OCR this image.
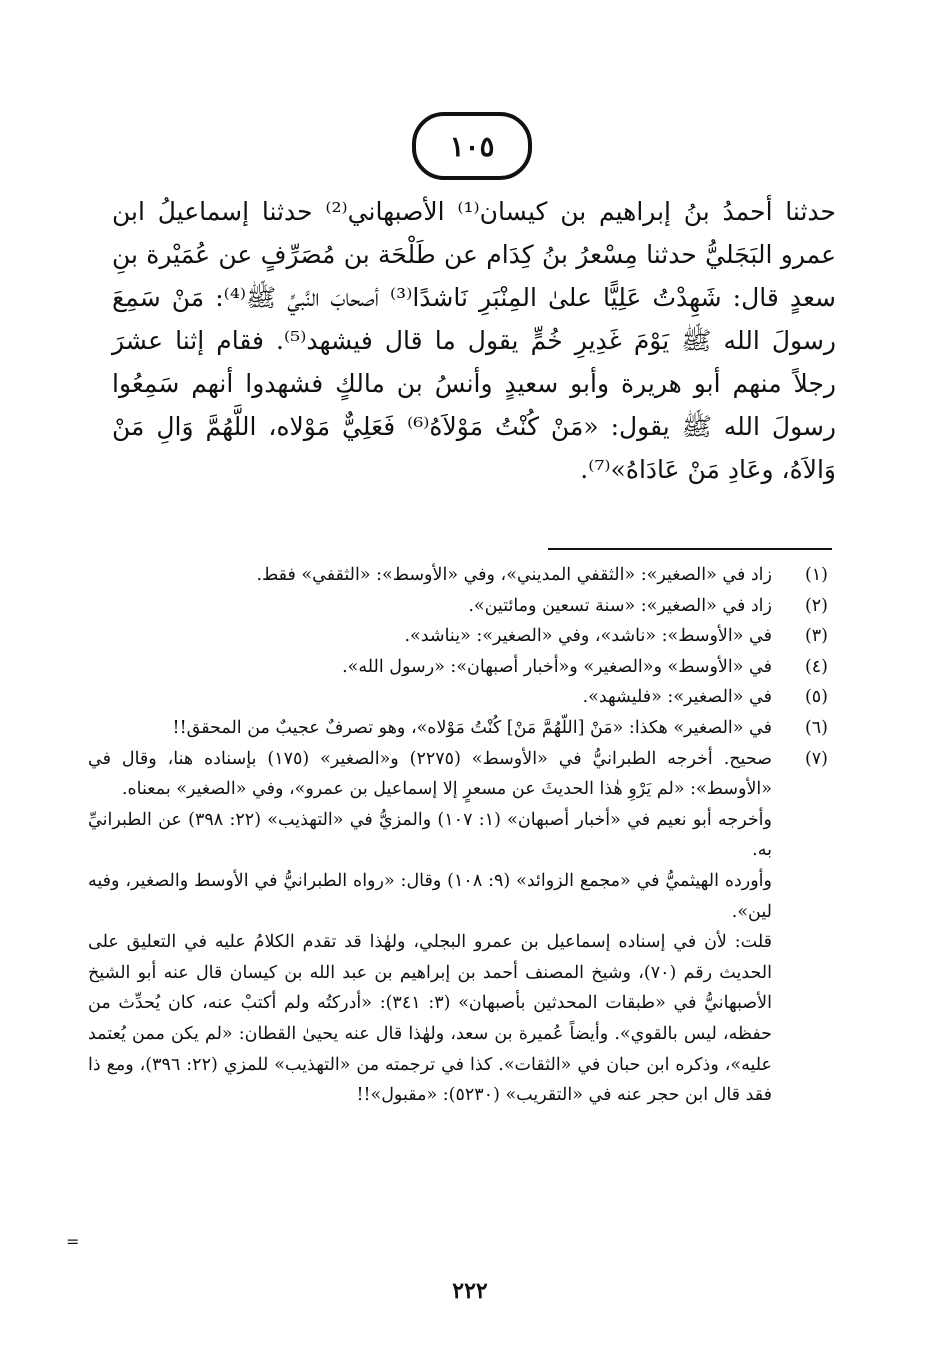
١٠٥

حدثنا أحمدُ بنُ إبراهيم بن كيسان⁽¹⁾ الأصبهاني⁽²⁾ حدثنا إسماعيلُ ابن عمرو البَجَليُّ حدثنا مِسْعرُ بنُ كِدَام عن طَلْحَة بن مُصَرِّفٍ عن عُمَيْرة بنِ سعدٍ قال: شَهِدْتُ عَلِيًّا علىٰ المِنْبَرِ نَاشدًا⁽³⁾ أصحابَ النَّبيِّ ﷺ⁽⁴⁾: مَنْ سَمِعَ رسولَ الله ﷺ يَوْمَ غَدِيرِ خُمٍّ يقول ما قال فيشهد⁽⁵⁾. فقام إثنا عشرَ رجلاً منهم أبو هريرة وأبو سعيدٍ وأنسُ بن مالكٍ فشهدوا أنهم سَمِعُوا رسولَ الله ﷺ يقول: «مَنْ كُنْتُ مَوْلاَهُ⁽⁶⁾ فَعَلِيٌّ مَوْلاه، اللَّهُمَّ وَالِ مَنْ وَالاَهُ، وعَادِ مَنْ عَادَاهُ»⁽⁷⁾.

(١)

زاد في «الصغير»: «الثقفي المديني»، وفي «الأوسط»: «الثقفي» فقط.

(٢)

زاد في «الصغير»: «سنة تسعين ومائتين».

(٣)

في «الأوسط»: «ناشد»، وفي «الصغير»: «يناشد».

(٤)

في «الأوسط» و«الصغير» و«أخبار أصبهان»: «رسول الله».

(٥)

في «الصغير»: «فليشهد».

(٦)

في «الصغير» هكذا: «مَنْ [اللّهُمَّ مَنْ] كُنْتُ مَوْلاه»، وهو تصرفٌ عجيبٌ من المحقق!!

(٧)

صحيح. أخرجه الطبرانيُّ في «الأوسط» (٢٢٧٥) و«الصغير» (١٧٥) بإسناده هنا، وقال في «الأوسط»: «لم يَرْوِ هٰذا الحديثَ عن مسعرٍ إلا إسماعيل بن عمرو»، وفي «الصغير» بمعناه.

وأخرجه أبو نعيم في «أخبار أصبهان» (١: ١٠٧) والمزيُّ في «التهذيب» (٢٢: ٣٩٨) عن الطبرانيِّ به.

وأورده الهيثميُّ في «مجمع الزوائد» (٩: ١٠٨) وقال: «رواه الطبرانيُّ في الأوسط والصغير، وفيه لين».

قلت: لأن في إسناده إسماعيل بن عمرو البجلي، ولهٰذا قد تقدم الكلامُ عليه في التعليق على الحديث رقم (٧٠)، وشيخ المصنف أحمد بن إبراهيم بن عبد الله بن كيسان قال عنه أبو الشيخ الأصبهانيُّ في «طبقات المحدثين بأصبهان» (٣: ٣٤١): «أدركتُه ولم أكتبْ عنه، كان يُحدِّث من حفظه، ليس بالقوي». وأيضاً عُميرة بن سعد، ولهٰذا قال عنه يحيىٰ القطان: «لم يكن ممن يُعتمد عليه»، وذكره ابن حبان في «الثقات». كذا في ترجمته من «التهذيب» للمزي (٢٢: ٣٩٦)، ومع ذا فقد قال ابن حجر عنه في «التقريب» (٥٢٣٠): «مقبول»!!

=
٢٢٢
